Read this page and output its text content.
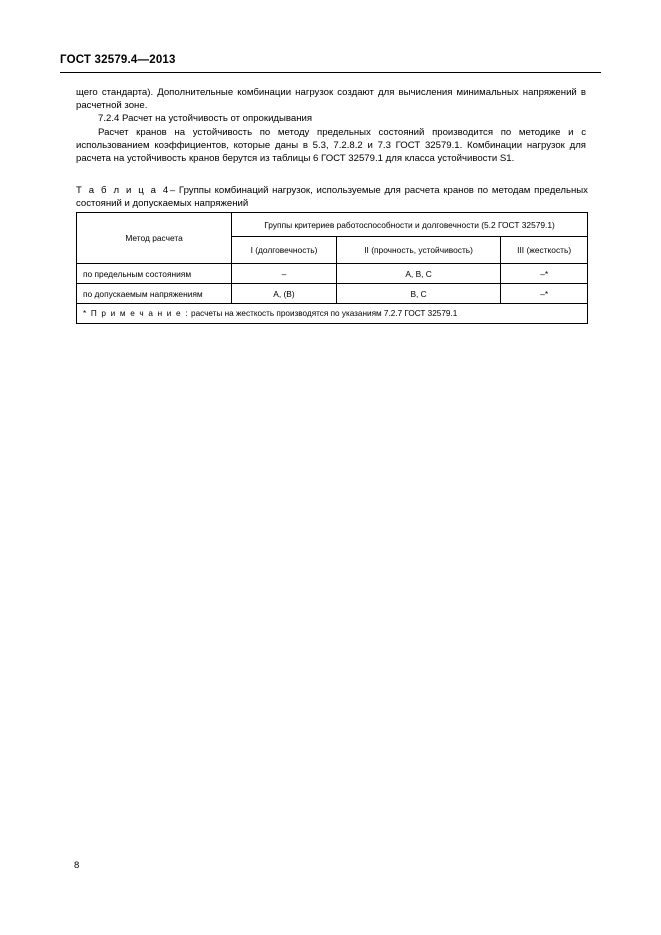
ГОСТ 32579.4—2013

щего стандарта). Дополнительные комбинации нагрузок создают для вычисления минимальных напряжений в расчетной зоне.

7.2.4 Расчет на устойчивость от опрокидывания

Расчет кранов на устойчивость по методу предельных состояний производится по методике и с использованием коэффициентов, которые даны в 5.3, 7.2.8.2 и 7.3 ГОСТ 32579.1. Комбинации нагрузок для расчета на устойчивость кранов берутся из таблицы 6 ГОСТ 32579.1 для класса устойчивости S1.

Т а б л и ц а 4– Группы комбинаций нагрузок, используемые для расчета кранов по методам предельных состояний и допускаемых напряжений
Метод расчета	Группы критериев работоспособности и долговечности (5.2 ГОСТ 32579.1)		
	I (долговечность)	II (прочность, устойчивость)	III (жесткость)
по предельным состояниям	–	A, B, C	–*
по допускаемым напряжениям	A, (B)	B, C	–*
* П р и м е ч а н и е : расчеты на жесткость производятся по указаниям 7.2.7 ГОСТ 32579.1			
8
